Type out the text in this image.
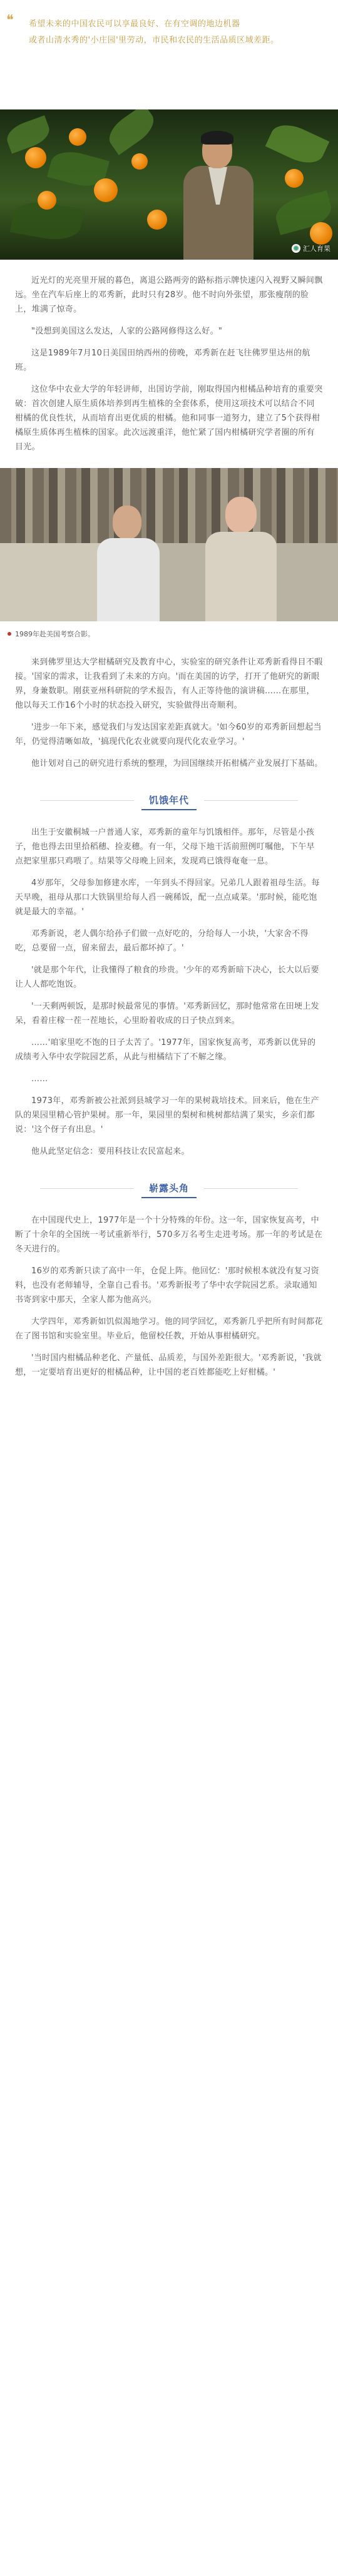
❝ 希望未来的中国农民可以享最良好、在有空调的地边机器

或者山清水秀的'小庄园'里劳动，市民和农民的生活品质区域差距。

◉ 汇人育果

近光灯的光亮里开展的暮色，离退公路两旁的路标指示牌快速闪入视野又瞬间飘远。坐在汽车后座上的邓秀新，此时只有28岁。他不时向外张望，那张瘦削的脸上，堆满了惊奇。

"没想到美国这么发达，人家的公路网修得这么好。"

这是1989年7月10日美国田纳西州的傍晚，邓秀新在赶飞往佛罗里达州的航班。

这位华中农业大学的年轻讲师，出国访学前，刚取得国内柑橘品种培育的重要突破：首次创建人原生质体培养到再生植株的全套体系，使用这项技术可以结合不同柑橘的优良性状，从而培育出更优质的柑橘。他和同事一道努力，建立了5个获得柑橘原生质体再生植株的国家。此次远渡重洋，他忙紧了国内柑橘研究学者圈的所有目光。

1989年赴美国考察合影。

来到佛罗里达大学柑橘研究及教育中心，实验室的研究条件让邓秀新看得目不暇接。'国家的需求，让我看到了未来的方向。'而在美国的访学，打开了他研究的新眼界，身兼数职。刚获亚州科研院的学术报告，有人正等待他的演讲稿……在那里，他以每天工作16个小时的状态投入研究，实验做得出奇顺利。

'进步一年下来，感觉我们与发达国家差距真就大。'如今60岁的邓秀新回想起当年，仍觉得清晰如故，'搞现代化农业就要向现代化农业学习。'

他计划对自己的研究进行系统的整理，为回国继续开拓柑橘产业发展打下基础。

饥饿年代

出生于安徽桐城一户普通人家，邓秀新的童年与饥饿相伴。那年，尽管是小孩子，他也得去田里拾稻穗、捡麦穗。有一年，父母下地干活前照例叮嘱他，下午早点把家里那只鸡喂了。结果等父母晚上回来，发现鸡已饿得奄奄一息。

4岁那年，父母参加修建水库，一年到头不得回家。兄弟几人跟着祖母生活。每天早晚，祖母从那口大铁锅里给每人舀一碗稀饭，配一点点咸菜。'那时候，能吃饱就是最大的幸福。'

邓秀新说，老人偶尔给孙子们做一点好吃的，分给每人一小块，'大家舍不得吃，总要留一点，留来留去，最后都坏掉了。'

'就是那个年代，让我懂得了粮食的珍贵。'少年的邓秀新暗下决心，长大以后要让人人都吃饱饭。

'一天剩两顿饭，是那时候最常见的事情。'邓秀新回忆，那时他常常在田埂上发呆，看着庄稼一茬一茬地长，心里盼着收成的日子快点到来。

……'咱家里吃不饱的日子太苦了。'1977年，国家恢复高考，邓秀新以优异的成绩考入华中农学院园艺系，从此与柑橘结下了不解之缘。

……

1973年，邓秀新被公社派到县城学习一年的果树栽培技术。回来后，他在生产队的果园里精心管护果树。那一年，果园里的梨树和桃树都结满了果实，乡亲们都说：'这个伢子有出息。'

他从此坚定信念：要用科技让农民富起来。

崭露头角

在中国现代史上，1977年是一个十分特殊的年份。这一年，国家恢复高考，中断了十余年的全国统一考试重新举行，570多万名考生走进考场。那一年的考试是在冬天进行的。

16岁的邓秀新只读了高中一年，仓促上阵。他回忆：'那时候根本就没有复习资料，也没有老师辅导，全靠自己看书。'邓秀新报考了华中农学院园艺系。录取通知书寄到家中那天，全家人都为他高兴。

大学四年，邓秀新如饥似渴地学习。他的同学回忆，邓秀新几乎把所有时间都花在了图书馆和实验室里。毕业后，他留校任教，开始从事柑橘研究。

'当时国内柑橘品种老化、产量低、品质差，与国外差距很大。'邓秀新说，'我就想，一定要培育出更好的柑橘品种，让中国的老百姓都能吃上好柑橘。'
